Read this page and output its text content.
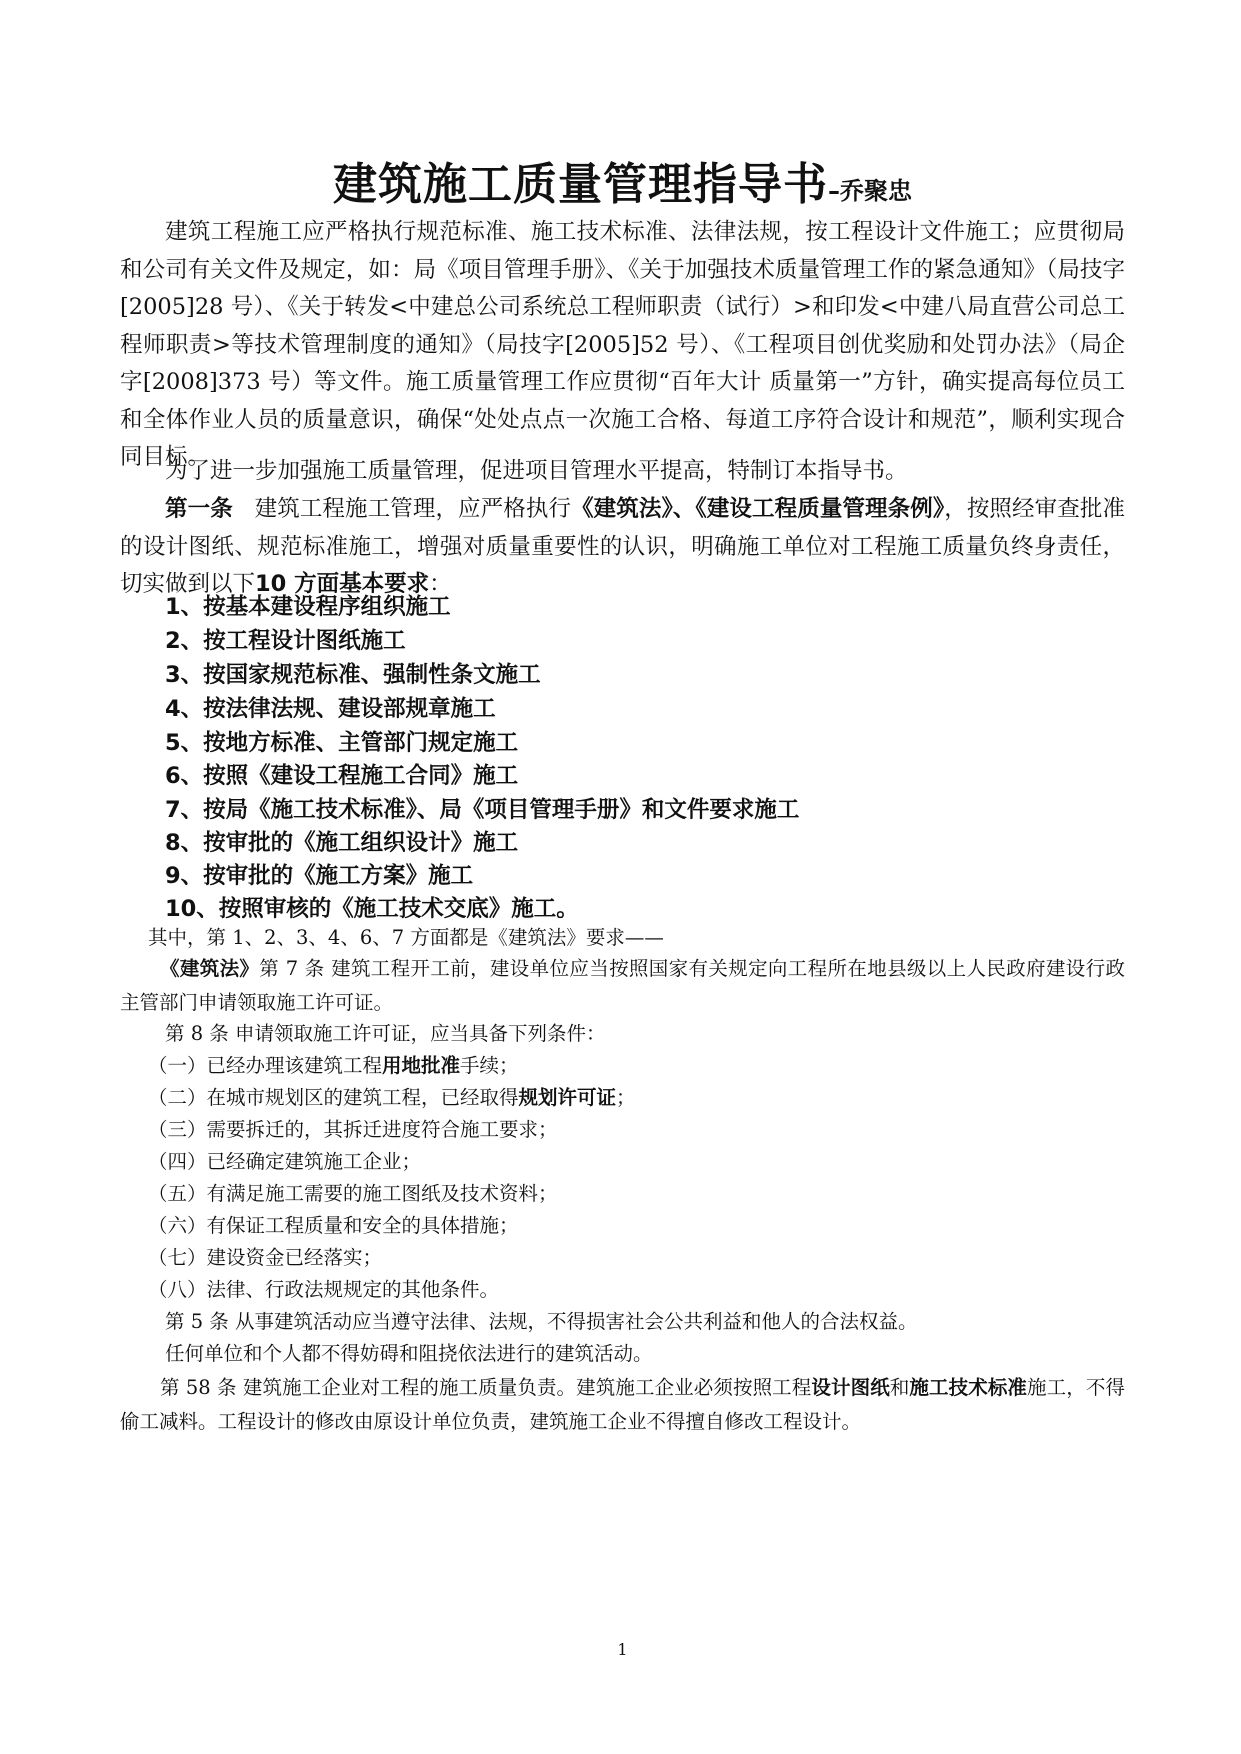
建筑施工质量管理指导书–乔聚忠
建筑工程施工应严格执行规范标准、施工技术标准、法律法规，按工程设计文件施工；应贯彻局和公司有关文件及规定，如：局《项目管理手册》、《关于加强技术质量管理工作的紧急通知》（局技字[2005]28 号）、《关于转发<中建总公司系统总工程师职责（试行）>和印发<中建八局直营公司总工程师职责>等技术管理制度的通知》（局技字[2005]52 号）、《工程项目创优奖励和处罚办法》（局企字[2008]373 号）等文件。施工质量管理工作应贯彻“百年大计 质量第一”方针，确实提高每位员工和全体作业人员的质量意识，确保“处处点点一次施工合格、每道工序符合设计和规范”，顺利实现合同目标。
为了进一步加强施工质量管理，促进项目管理水平提高，特制订本指导书。
第一条 建筑工程施工管理，应严格执行《建筑法》、《建设工程质量管理条例》，按照经审查批准的设计图纸、规范标准施工，增强对质量重要性的认识，明确施工单位对工程施工质量负终身责任，切实做到以下10 方面基本要求：
1、按基本建设程序组织施工
2、按工程设计图纸施工
3、按国家规范标准、强制性条文施工
4、按法律法规、建设部规章施工
5、按地方标准、主管部门规定施工
6、按照《建设工程施工合同》施工
7、按局《施工技术标准》、局《项目管理手册》和文件要求施工
8、按审批的《施工组织设计》施工
9、按审批的《施工方案》施工
10、按照审核的《施工技术交底》施工。
其中，第 1、2、3、4、6、7 方面都是《建筑法》要求——
《建筑法》第 7 条 建筑工程开工前，建设单位应当按照国家有关规定向工程所在地县级以上人民政府建设行政主管部门申请领取施工许可证。
第 8 条 申请领取施工许可证，应当具备下列条件：
（一）已经办理该建筑工程用地批准手续；
（二）在城市规划区的建筑工程，已经取得规划许可证；
（三）需要拆迁的，其拆迁进度符合施工要求；
（四）已经确定建筑施工企业；
（五）有满足施工需要的施工图纸及技术资料；
（六）有保证工程质量和安全的具体措施；
（七）建设资金已经落实；
（八）法律、行政法规规定的其他条件。
第 5 条 从事建筑活动应当遵守法律、法规，不得损害社会公共利益和他人的合法权益。
任何单位和个人都不得妨碍和阻挠依法进行的建筑活动。
第 58 条 建筑施工企业对工程的施工质量负责。建筑施工企业必须按照工程设计图纸和施工技术标准施工，不得偷工减料。工程设计的修改由原设计单位负责，建筑施工企业不得擅自修改工程设计。
1
